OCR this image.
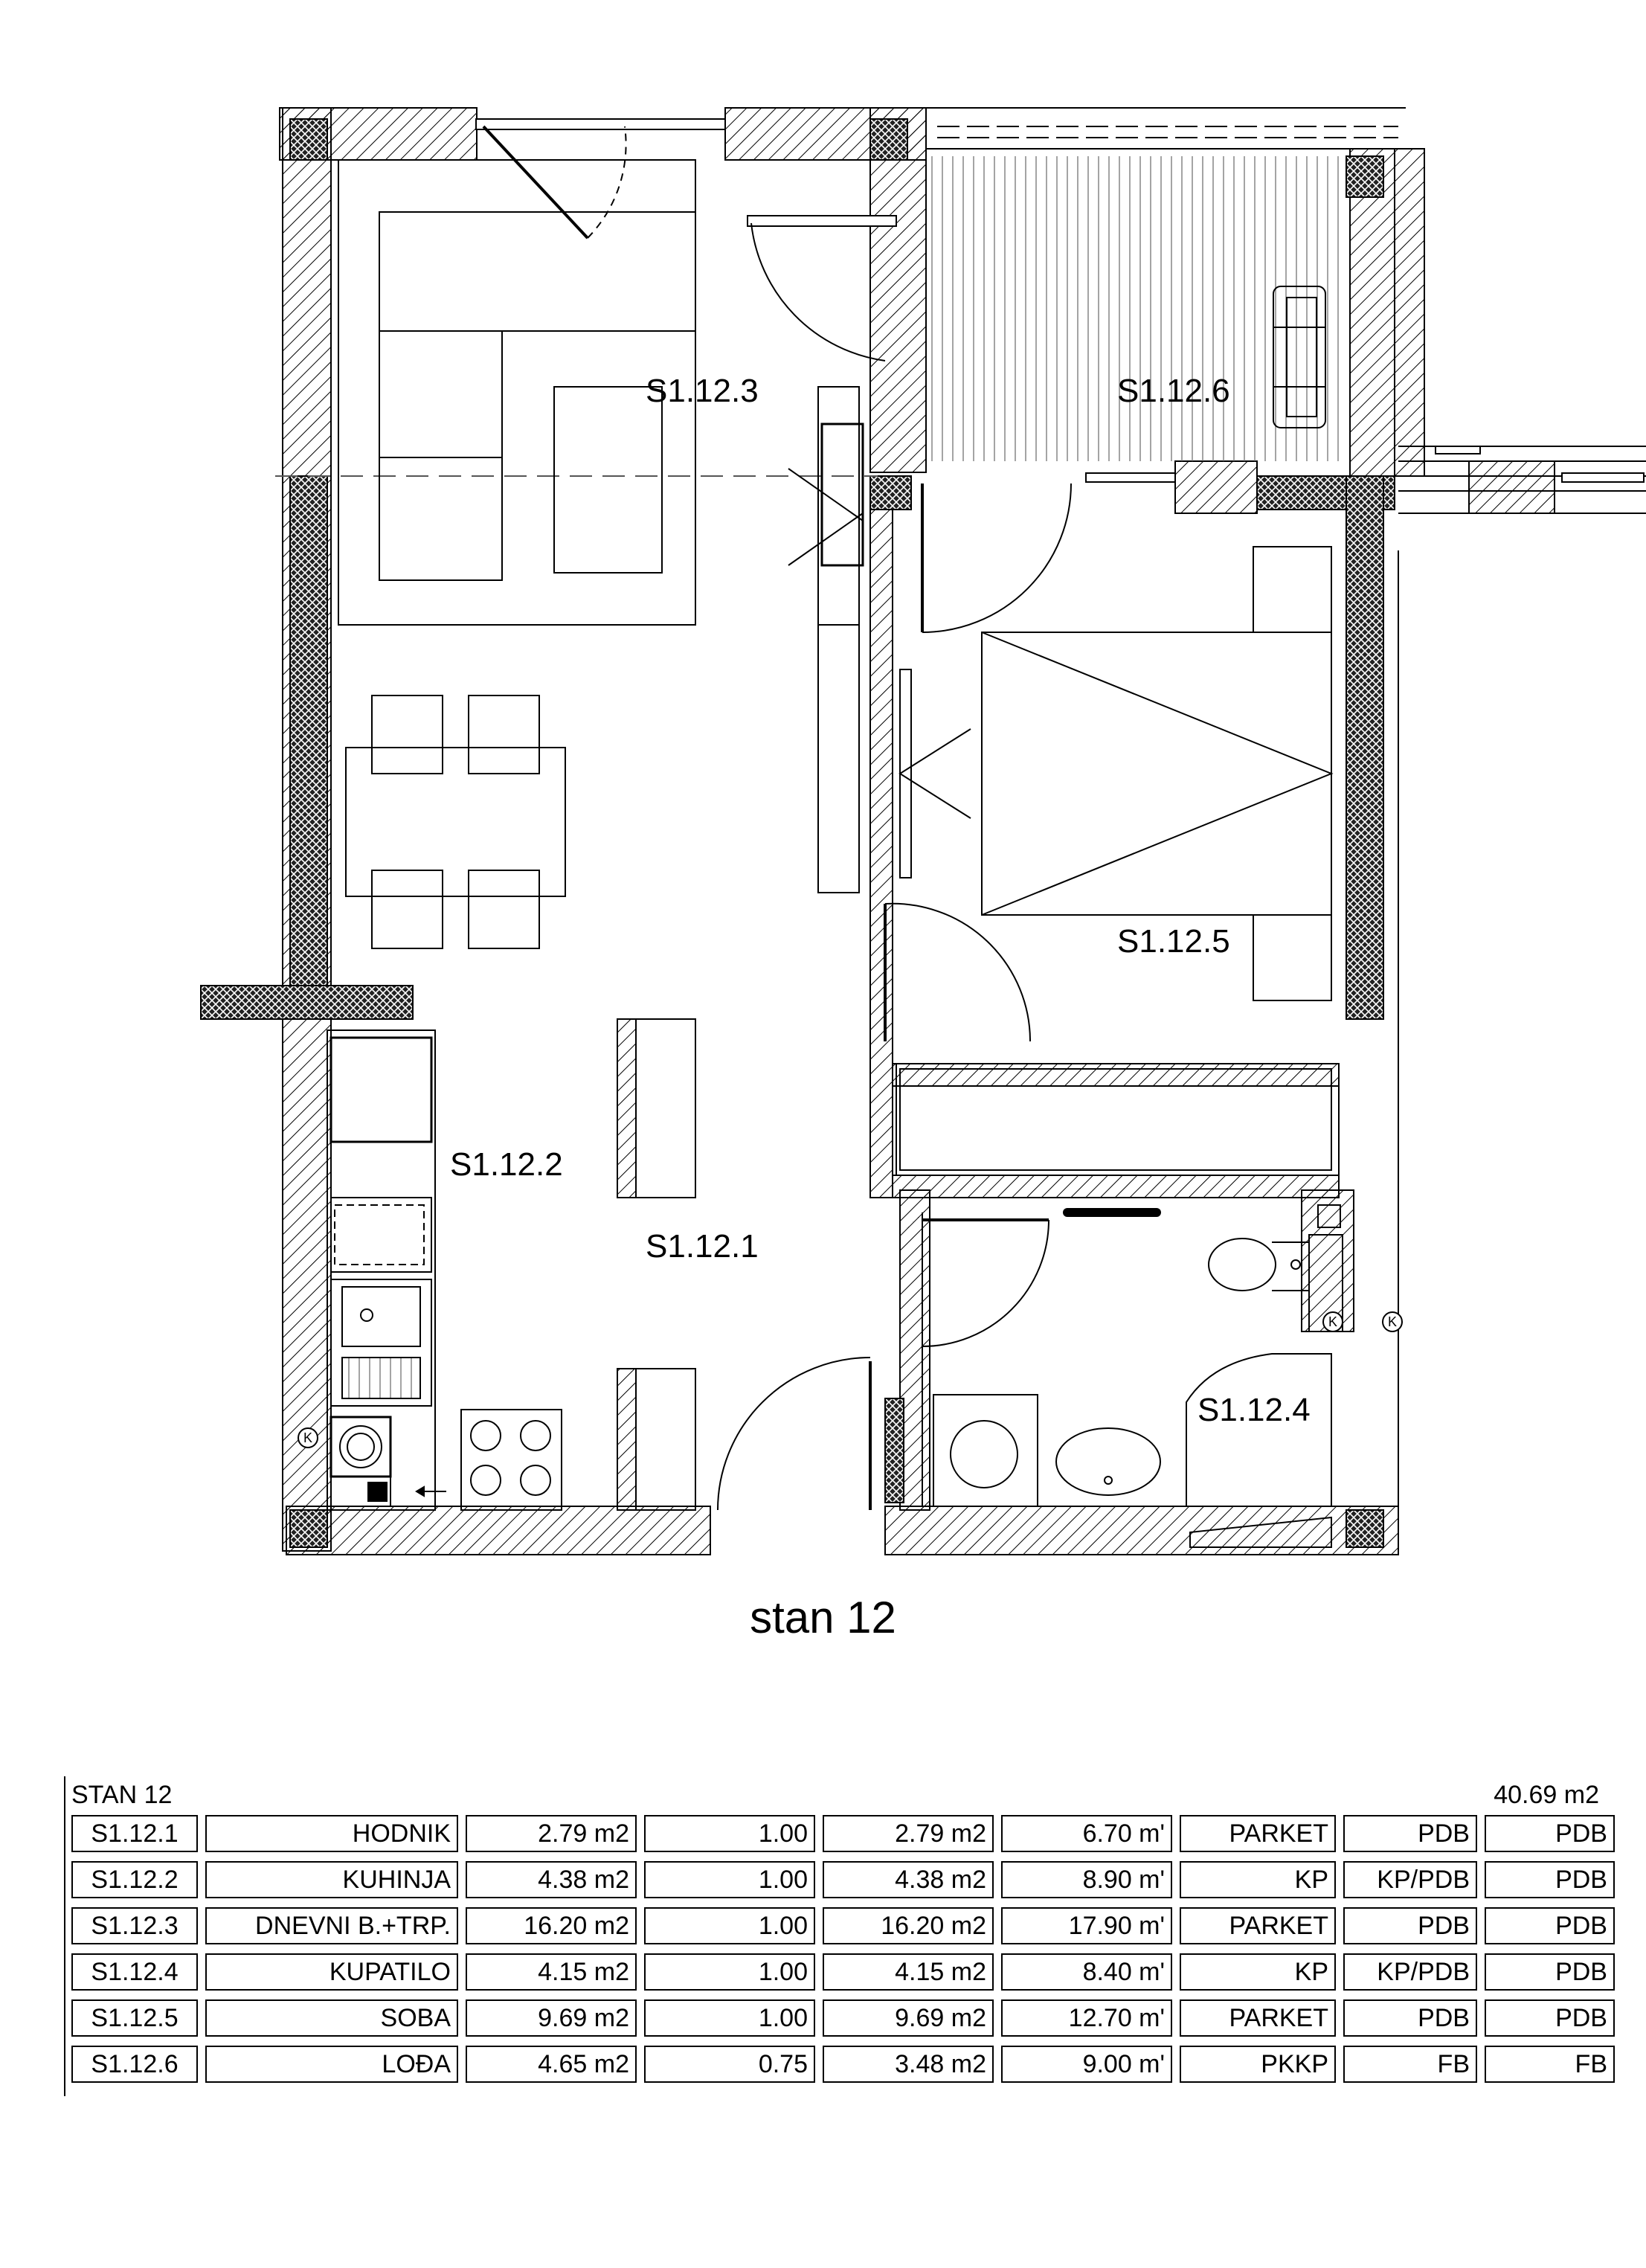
K
K	K
S1.12.3	S1.12.6
S1.12.5
S1.12.2
S1.12.1
S1.12.4
stan 12
STAN 12	40.69 m2
S1.12.1	HODNIK	2.79 m2	1.00	2.79 m2	6.70 m'	PARKET	PDB	PDB
S1.12.2	KUHINJA	4.38 m2	1.00	4.38 m2	8.90 m'	KP	KP/PDB	PDB
S1.12.3	DNEVNI B.+TRP.	16.20 m2	1.00	16.20 m2	17.90 m'	PARKET	PDB	PDB
S1.12.4	KUPATILO	4.15 m2	1.00	4.15 m2	8.40 m'	KP	KP/PDB	PDB
S1.12.5	SOBA	9.69 m2	1.00	9.69 m2	12.70 m'	PARKET	PDB	PDB
S1.12.6	LOĐA	4.65 m2	0.75	3.48 m2	9.00 m'	PKKP	FB	FB
